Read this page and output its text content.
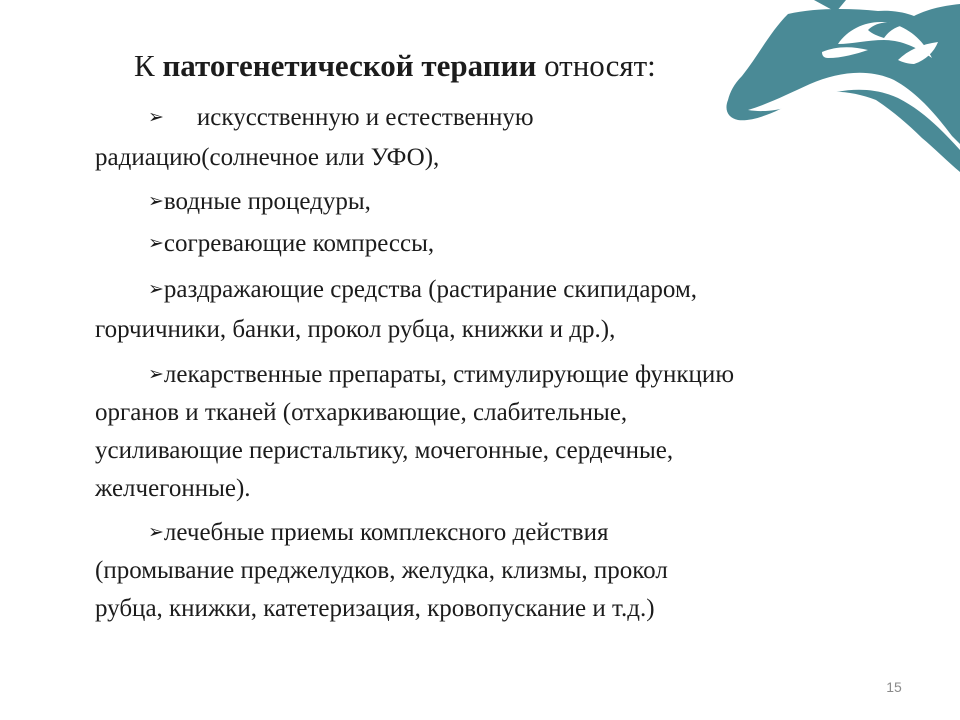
К патогенетической терапии относят:
➢ искусственную и естественную
радиацию(солнечное или УФО),
➢водные процедуры,
➢согревающие компрессы,
➢раздражающие средства (растирание скипидаром,
горчичники, банки, прокол рубца, книжки и др.),
➢лекарственные препараты, стимулирующие функцию
органов и тканей (отхаркивающие, слабительные,
усиливающие перистальтику, мочегонные, сердечные,
желчегонные).
➢лечебные приемы комплексного действия
(промывание преджелудков, желудка, клизмы, прокол
рубца, книжки, катетеризация, кровопускание и т.д.)
15
